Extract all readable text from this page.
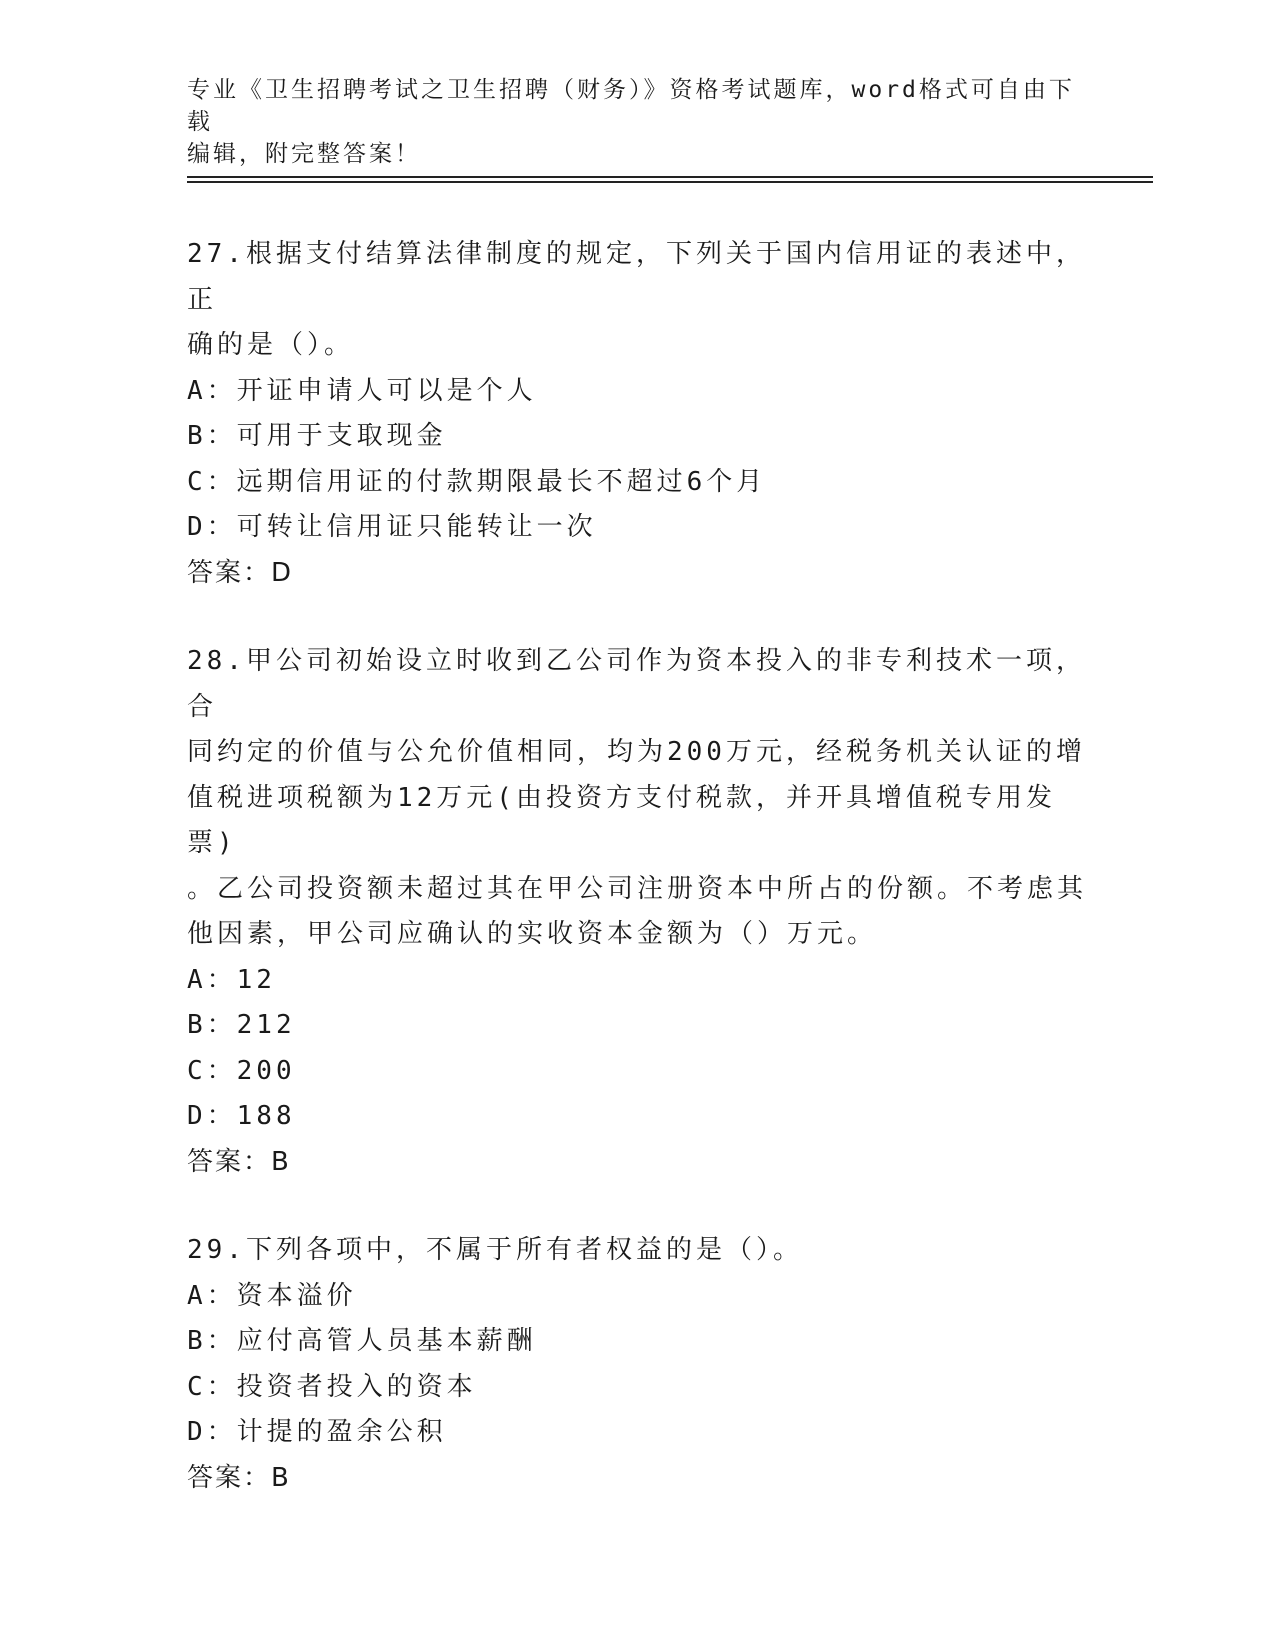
专业《卫生招聘考试之卫生招聘（财务）》资格考试题库，word格式可自由下载
编辑，附完整答案！
27.根据支付结算法律制度的规定，下列关于国内信用证的表述中，正
确的是（）。
A：开证申请人可以是个人
B：可用于支取现金
C：远期信用证的付款期限最长不超过6个月
D：可转让信用证只能转让一次
答案：D
28.甲公司初始设立时收到乙公司作为资本投入的非专利技术一项，合
同约定的价值与公允价值相同，均为200万元，经税务机关认证的增
值税进项税额为12万元(由投资方支付税款，并开具增值税专用发票)
。乙公司投资额未超过其在甲公司注册资本中所占的份额。不考虑其
他因素，甲公司应确认的实收资本金额为（）万元。
A：12
B：212
C：200
D：188
答案：B
29.下列各项中，不属于所有者权益的是（）。
A：资本溢价
B：应付高管人员基本薪酬
C：投资者投入的资本
D：计提的盈余公积
答案：B
